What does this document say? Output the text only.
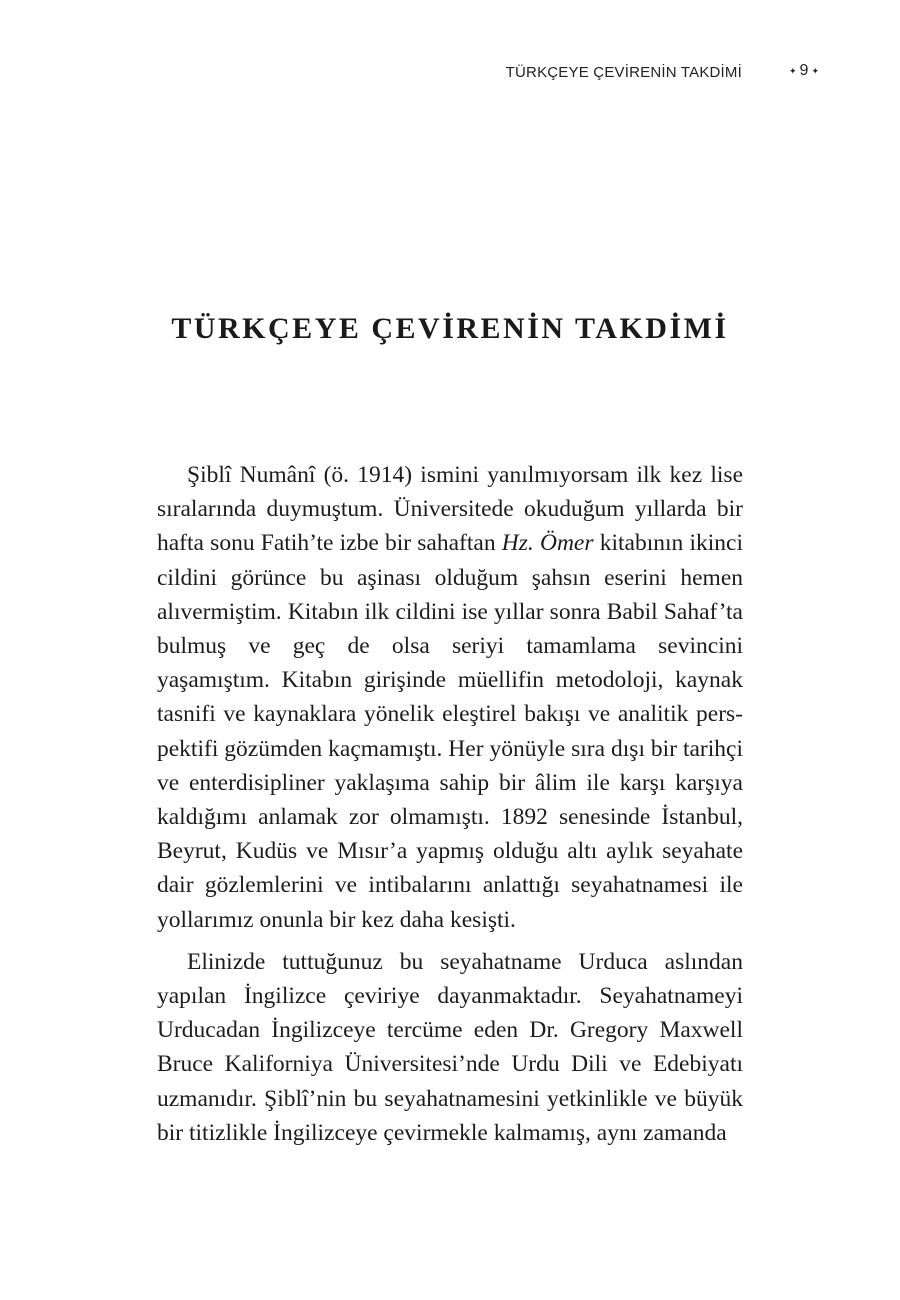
TÜRKÇEYE ÇEVİRENİN TAKDİMİ	✦ 9 ✦
TÜRKÇEYE ÇEVİRENİN TAKDİMİ

Şiblî Numânî (ö. 1914) ismini yanılmıyorsam ilk kez lise sıralarında duymuştum. Üniversitede okuduğum yıllarda bir hafta sonu Fatih’te izbe bir sahaftan Hz. Ömer kitabının ikinci cildini görünce bu aşinası olduğum şahsın eserini hemen alıvermiştim. Kitabın ilk cildini ise yıllar sonra Babil Sahaf’ta bulmuş ve geç de olsa seriyi tamamlama sevincini yaşamıştım. Kitabın girişinde müellifin metodoloji, kaynak tasnifi ve kaynaklara yönelik eleştirel bakışı ve analitik perspektifi gözümden kaçmamıştı. Her yönüyle sıra dışı bir tarihçi ve enterdisipliner yaklaşıma sahip bir âlim ile karşı karşıya kaldığımı anlamak zor olmamıştı. 1892 senesinde İstanbul, Beyrut, Kudüs ve Mısır’a yapmış olduğu altı aylık seyahate dair gözlemlerini ve intibalarını anlattığı seyahatnamesi ile yollarımız onunla bir kez daha kesişti.

Elinizde tuttuğunuz bu seyahatname Urduca aslından yapılan İngilizce çeviriye dayanmaktadır. Seyahatnameyi Urducadan İngilizceye tercüme eden Dr. Gregory Maxwell Bruce Kaliforniya Üniversitesi’nde Urdu Dili ve Edebiyatı uzmanıdır. Şiblî’nin bu seyahatnamesini yetkinlikle ve büyük bir titizlikle İngilizceye çevirmekle kalmamış, aynı zamanda
